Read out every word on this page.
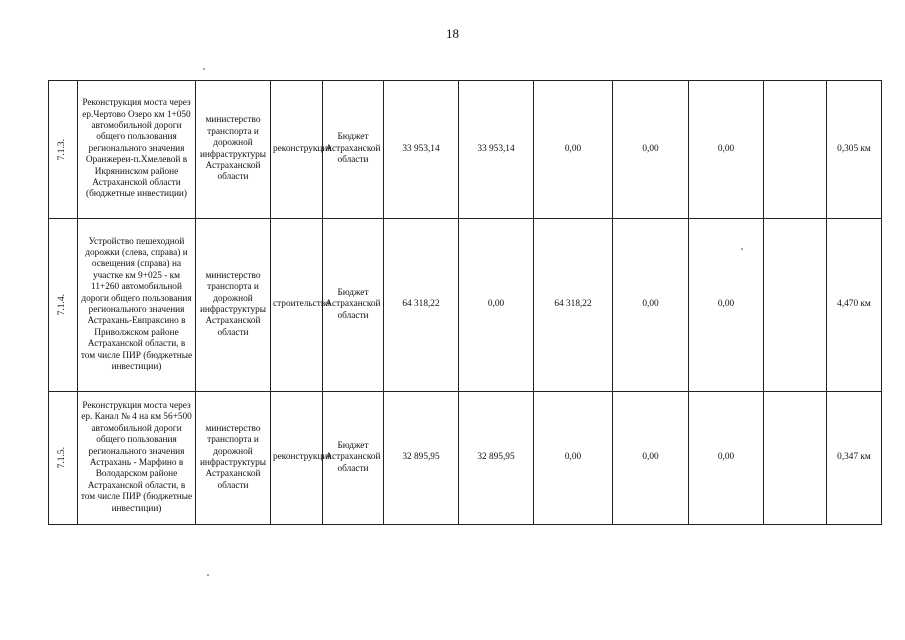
18
7.1.3.	Реконструкция моста через ер.Чертово Озеро км 1+050 автомобильной дороги общего пользования регионального значения Оранжереи-п.Хмелевой в Икрянинском районе Астраханской области (бюджетные инвестиции)	министерство транспорта и дорожной инфраструктуры Астраханской области	реконструкция	Бюджет Астраханской области	33 953,14	33 953,14	0,00	0,00	0,00		0,305 км
7.1.4.	Устройство пешеходной дорожки (слева, справа) и освещения (справа) на участке км 9+025 - км 11+260 автомобильной дороги общего пользования регионального значения Астрахань-Евпраксино в Приволжском районе Астраханской области, в том числе ПИР (бюджетные инвестиции)	министерство транспорта и дорожной инфраструктуры Астраханской области	строительство	Бюджет Астраханской области	64 318,22	0,00	64 318,22	0,00	0,00		4,470 км
7.1.5.	Реконструкция моста через ер. Канал № 4 на км 56+500 автомобильной дороги общего пользования регионального значения Астрахань - Марфино в Володарском районе Астраханской области, в том числе ПИР (бюджетные инвестиции)	министерство транспорта и дорожной инфраструктуры Астраханской области	реконструкция	Бюджет Астраханской области	32 895,95	32 895,95	0,00	0,00	0,00		0,347 км
